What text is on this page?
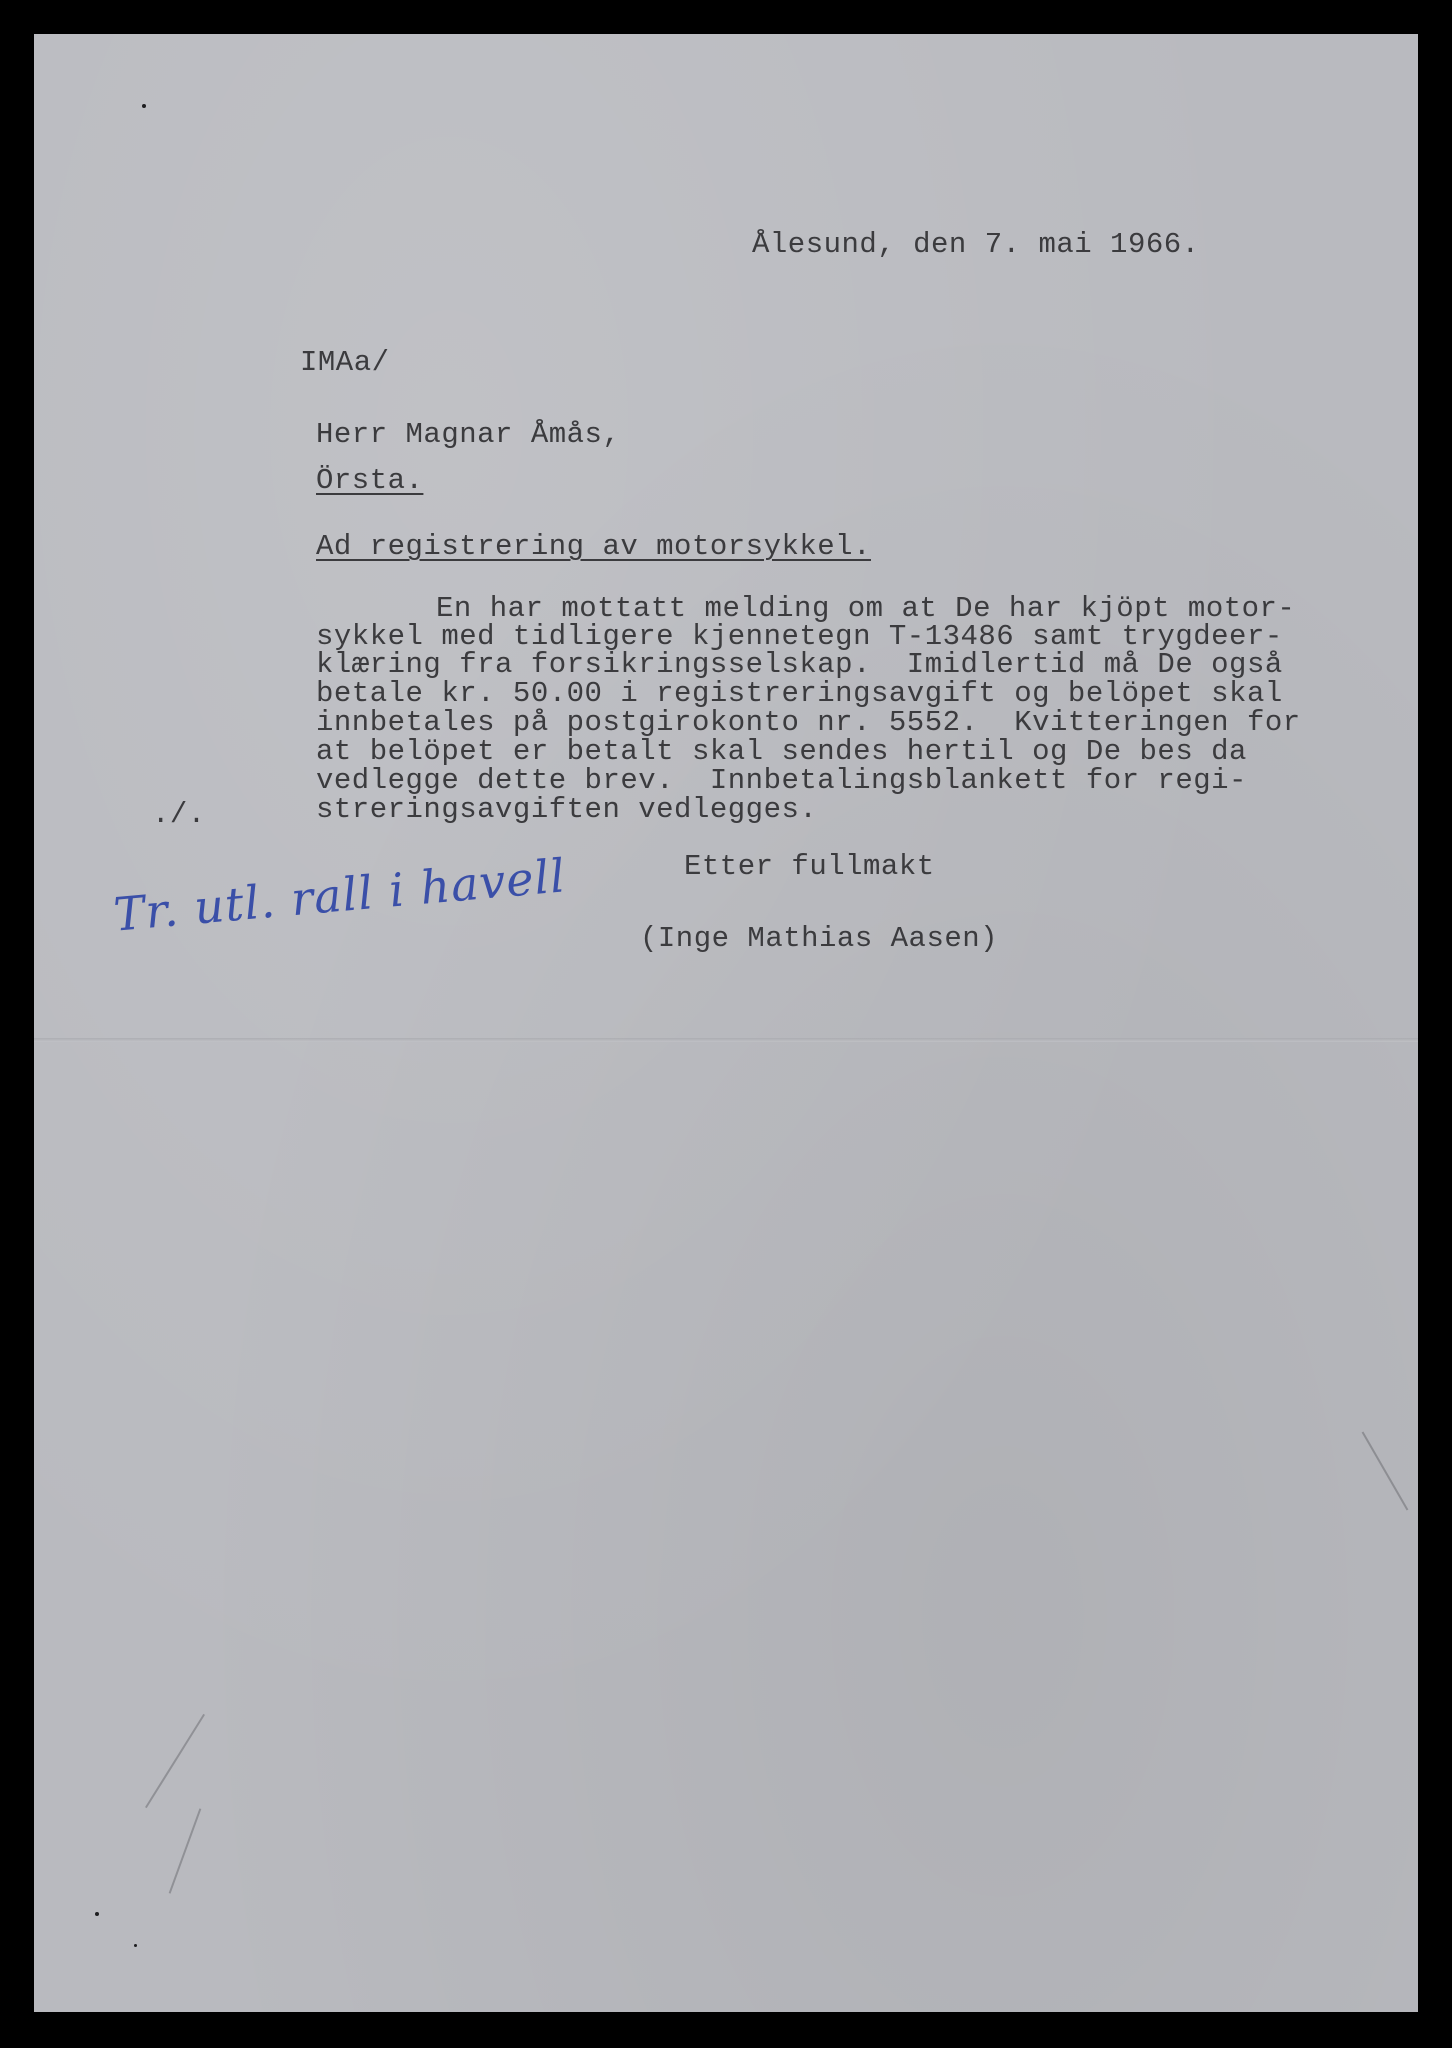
Ålesund, den 7. mai 1966.
IMAa/
Herr Magnar Åmås,
Örsta.
Ad registrering av motorsykkel.
En har mottatt melding om at De har kjöpt motor-
sykkel med tidligere kjennetegn T-13486 samt trygdeer-
klæring fra forsikringsselskap.  Imidlertid må De også
betale kr. 50.00 i registreringsavgift og belöpet skal
innbetales på postgirokonto nr. 5552.  Kvitteringen for
at belöpet er betalt skal sendes hertil og De bes da
vedlegge dette brev.  Innbetalingsblankett for regi-
streringsavgiften vedlegges.
./.
Etter fullmakt
(Inge Mathias Aasen)
Tr. utl. rall i havell
